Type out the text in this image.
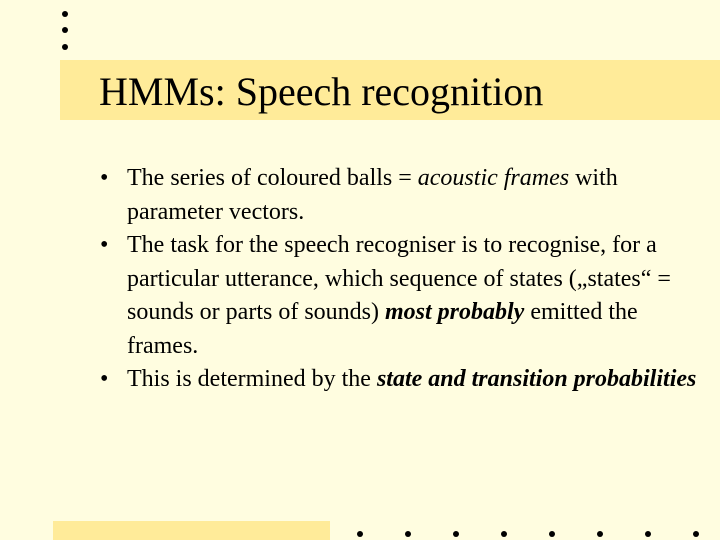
HMMs: Speech recognition
• The series of coloured balls = acoustic frames with parameter vectors.
• The task for the speech recogniser is to recognise, for a particular utterance, which sequence of states („states“ = sounds or parts of sounds) most probably emitted the frames.
• This is determined by the state and transition probabilities
